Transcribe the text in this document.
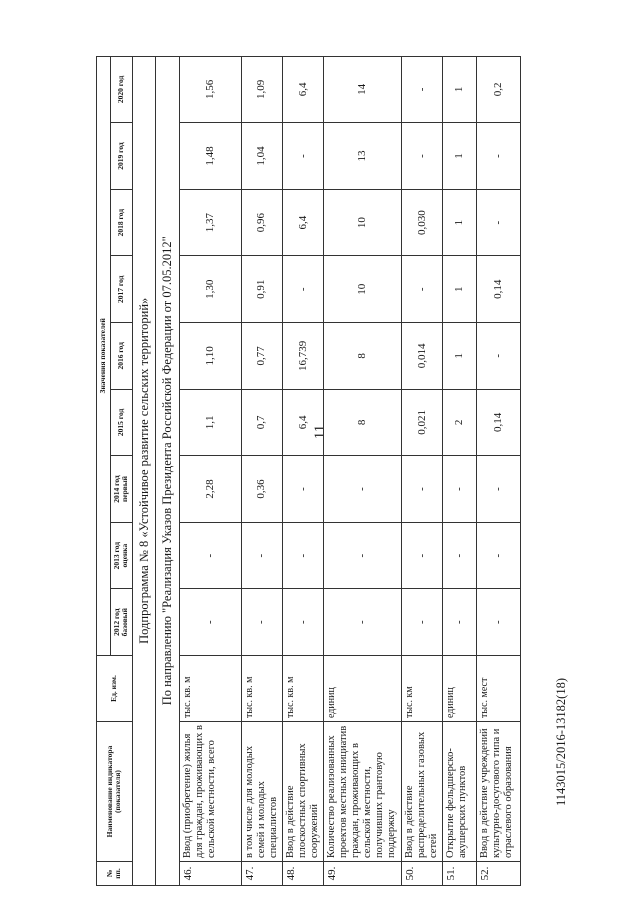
11
1143015/2016-13182(18)
№ пп.	Наименование индикатора (показателя)	Ед. изм.	Значения показателей								

			2012 год базовый	2013 год оценка	2014 год первый	2015 год	2016 год	2017 год	2018 год	2019 год	2020 год

Подпрограмма № 8 «Устойчивое развитие сельских территорий»											
По направлению "Реализация Указов Президента Российской Федерации от 07.05.2012"											
46.	Ввод (приобретение) жилья для граждан, проживающих в сельской местности, всего	тыс. кв. м	-	-	2,28	1,1	1,10	1,30	1,37	1,48	1,56
47.	в том числе для молодых семей и молодых специалистов	тыс. кв. м	-	-	0,36	0,7	0,77	0,91	0,96	1,04	1,09
48.	Ввод в действие плоскостных спортивных сооружений	тыс. кв. м	-	-	-	6,4	16,739	-	6,4	-	6,4
49.	Количество реализованных проектов местных инициатив граждан, проживающих в сельской местности, получивших грантовую поддержку	единиц	-	-	-	8	8	10	10	13	14
50.	Ввод в действие распределительных газовых сетей	тыс. км	-	-	-	0,021	0,014	-	0,030	-	-
51.	Открытие фельдшерско-акушерских пунктов	единиц	-	-	-	2	1	1	1	1	1
52.	Ввод в действие учреждений культурно-досугового типа и отраслевого образования	тыс. мест	-	-	-	0,14	-	0,14	-	-	0,2
